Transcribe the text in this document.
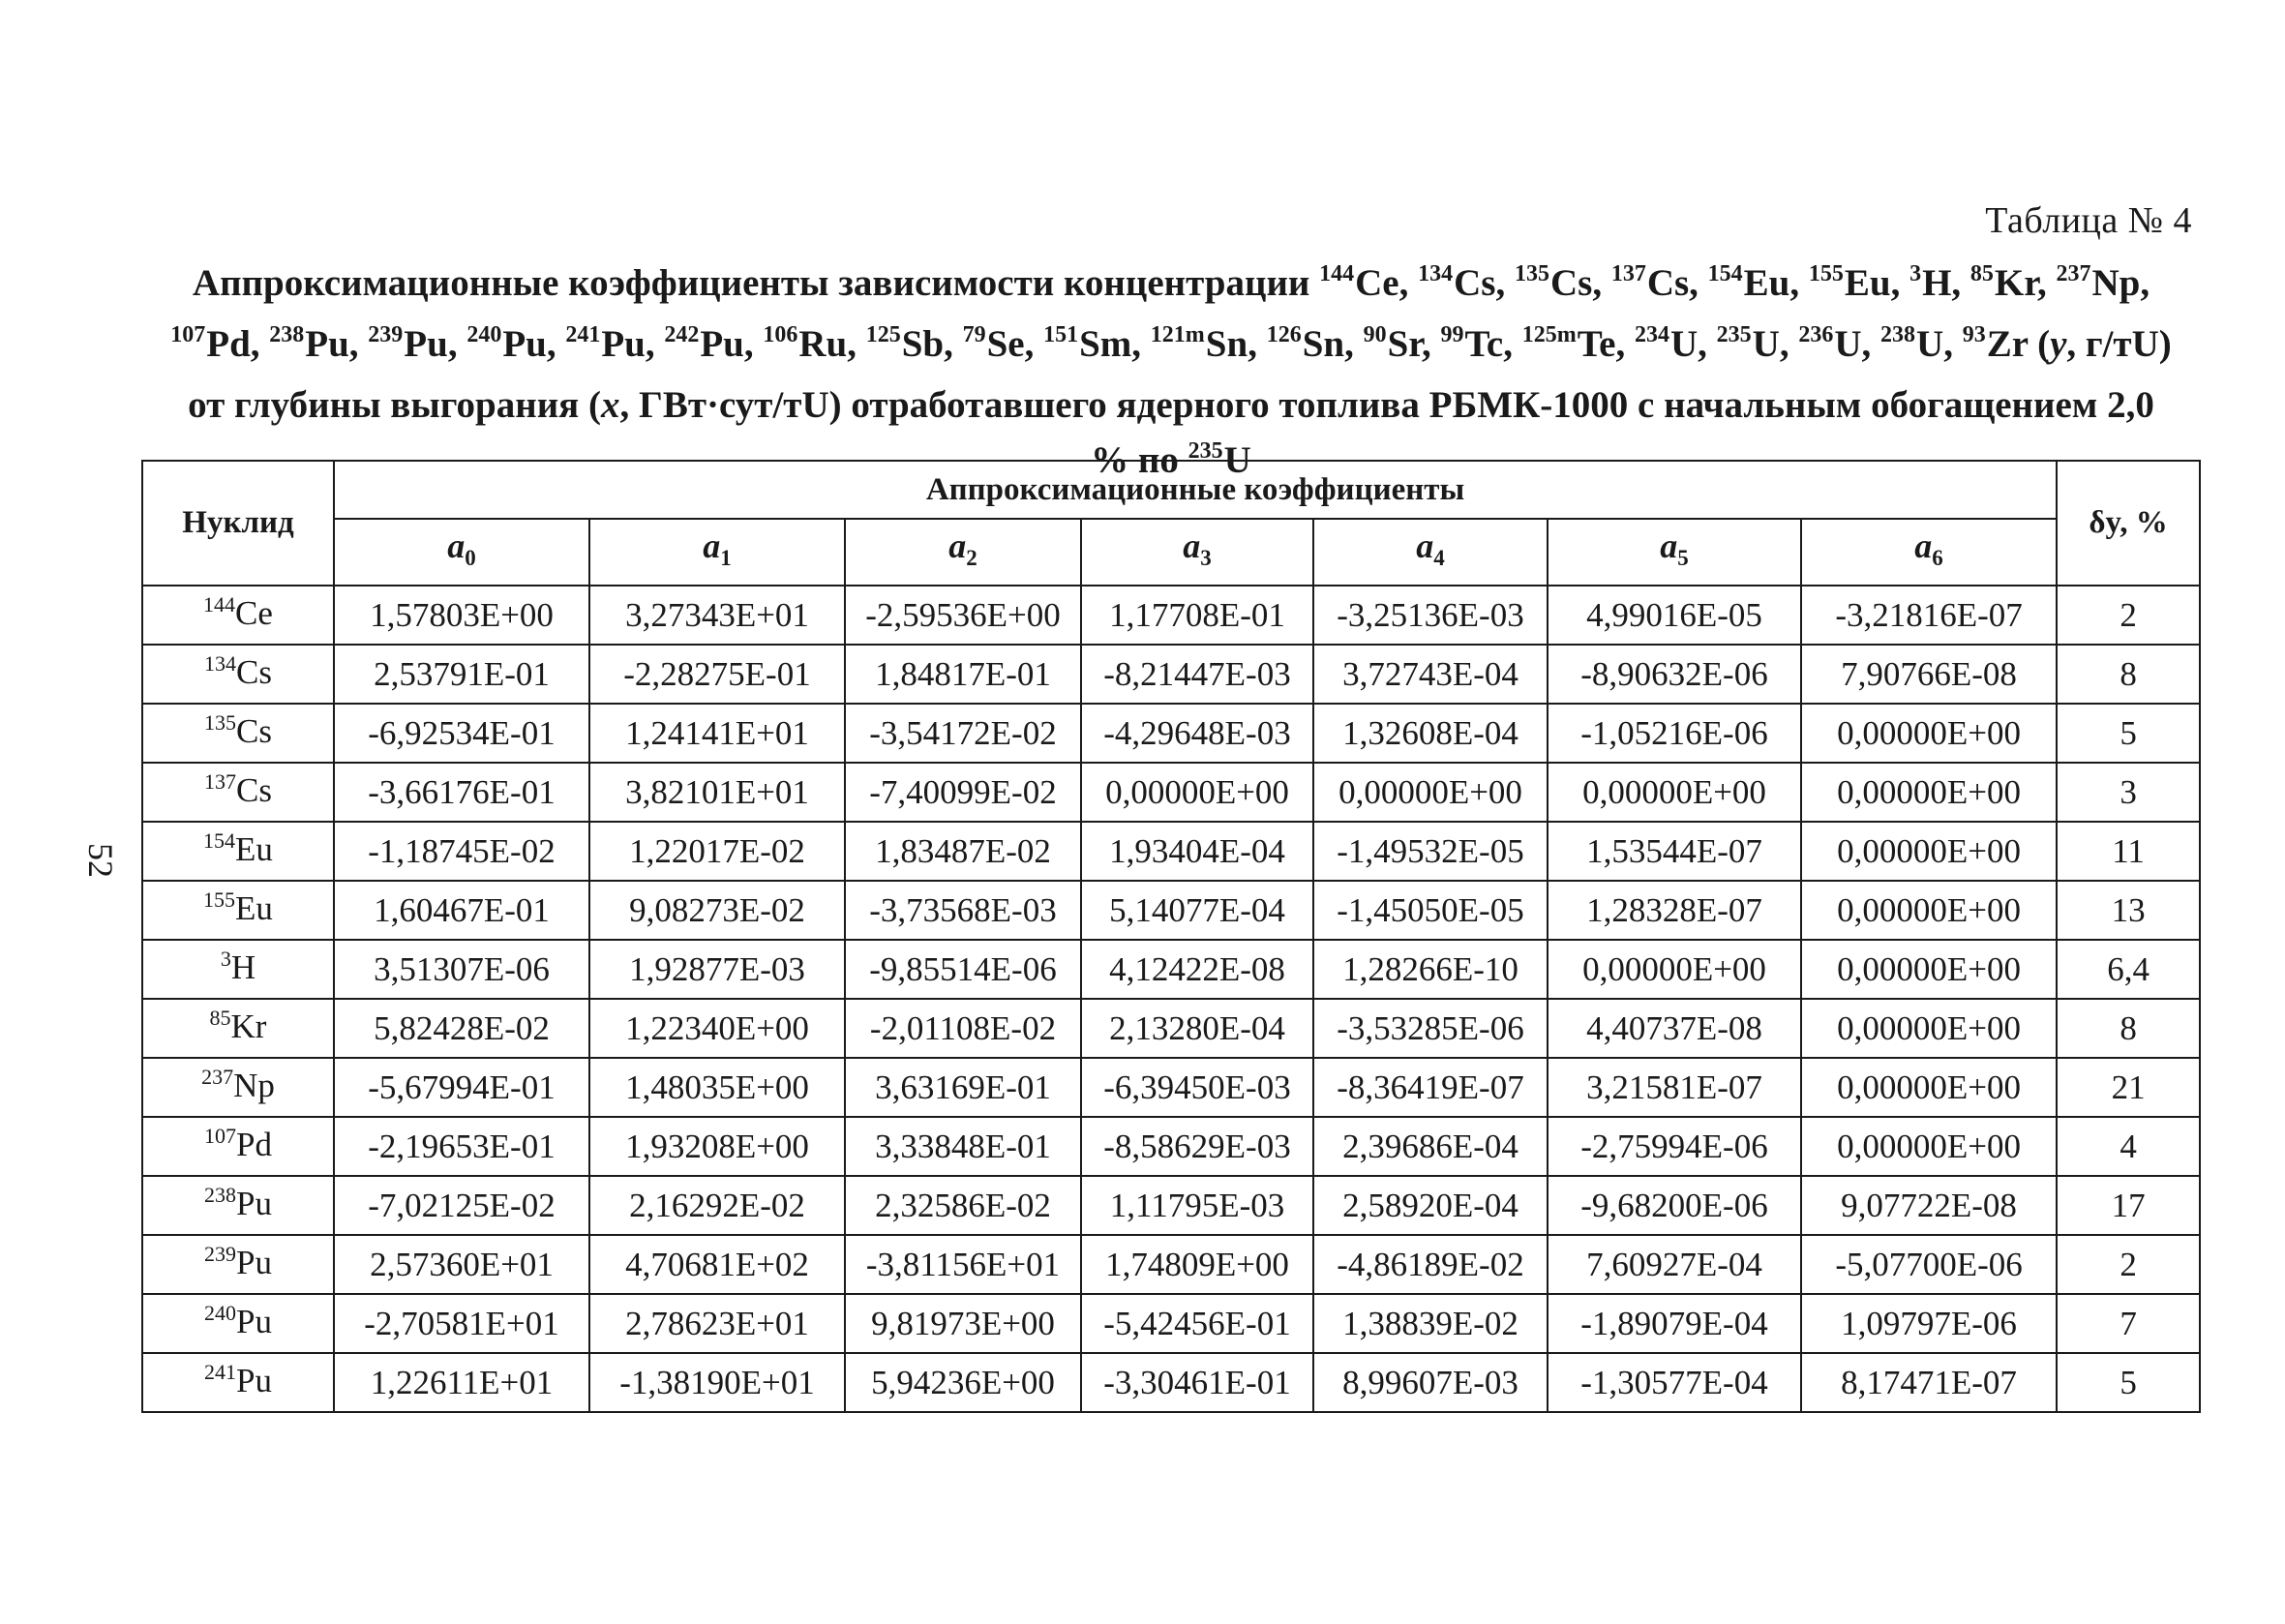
Таблица № 4
Аппроксимационные коэффициенты зависимости концентрации $^{144}$Ce, $^{134}$Cs, $^{135}$Cs, $^{137}$Cs, $^{154}$Eu, $^{155}$Eu, $^3$H, $^{85}$Kr, $^{237}$Np, $^{107}$Pd, $^{238}$Pu, $^{239}$Pu, $^{240}$Pu, $^{241}$Pu, $^{242}$Pu, $^{106}$Ru, $^{125}$Sb, $^{79}$Se, $^{151}$Sm, $^{121m}$Sn, $^{126}$Sn, $^{90}$Sr, $^{99}$Tc, $^{125m}$Te, $^{234}$U, $^{235}$U, $^{236}$U, $^{238}$U, $^{93}$Zr (y, г/тU) от глубины выгорания (x, ГВт·сут/тU) отработавшего ядерного топлива РБМК-1000 с начальным обогащением 2,0 % по $^{235}$U
52
Нуклид	Аппроксимационные коэффициенты							δy, %
	$a_0$	$a_1$	$a_2$	$a_3$	$a_4$	$a_5$	$a_6$
$^{144}$Ce	1,57803E+00	3,27343E+01	-2,59536E+00	1,17708E-01	-3,25136E-03	4,99016E-05	-3,21816E-07	2
$^{134}$Cs	2,53791E-01	-2,28275E-01	1,84817E-01	-8,21447E-03	3,72743E-04	-8,90632E-06	7,90766E-08	8
$^{135}$Cs	-6,92534E-01	1,24141E+01	-3,54172E-02	-4,29648E-03	1,32608E-04	-1,05216E-06	0,00000E+00	5
$^{137}$Cs	-3,66176E-01	3,82101E+01	-7,40099E-02	0,00000E+00	0,00000E+00	0,00000E+00	0,00000E+00	3
$^{154}$Eu	-1,18745E-02	1,22017E-02	1,83487E-02	1,93404E-04	-1,49532E-05	1,53544E-07	0,00000E+00	11
$^{155}$Eu	1,60467E-01	9,08273E-02	-3,73568E-03	5,14077E-04	-1,45050E-05	1,28328E-07	0,00000E+00	13
$^3$H	3,51307E-06	1,92877E-03	-9,85514E-06	4,12422E-08	1,28266E-10	0,00000E+00	0,00000E+00	6,4
$^{85}$Kr	5,82428E-02	1,22340E+00	-2,01108E-02	2,13280E-04	-3,53285E-06	4,40737E-08	0,00000E+00	8
$^{237}$Np	-5,67994E-01	1,48035E+00	3,63169E-01	-6,39450E-03	-8,36419E-07	3,21581E-07	0,00000E+00	21
$^{107}$Pd	-2,19653E-01	1,93208E+00	3,33848E-01	-8,58629E-03	2,39686E-04	-2,75994E-06	0,00000E+00	4
$^{238}$Pu	-7,02125E-02	2,16292E-02	2,32586E-02	1,11795E-03	2,58920E-04	-9,68200E-06	9,07722E-08	17
$^{239}$Pu	2,57360E+01	4,70681E+02	-3,81156E+01	1,74809E+00	-4,86189E-02	7,60927E-04	-5,07700E-06	2
$^{240}$Pu	-2,70581E+01	2,78623E+01	9,81973E+00	-5,42456E-01	1,38839E-02	-1,89079E-04	1,09797E-06	7
$^{241}$Pu	1,22611E+01	-1,38190E+01	5,94236E+00	-3,30461E-01	8,99607E-03	-1,30577E-04	8,17471E-07	5
